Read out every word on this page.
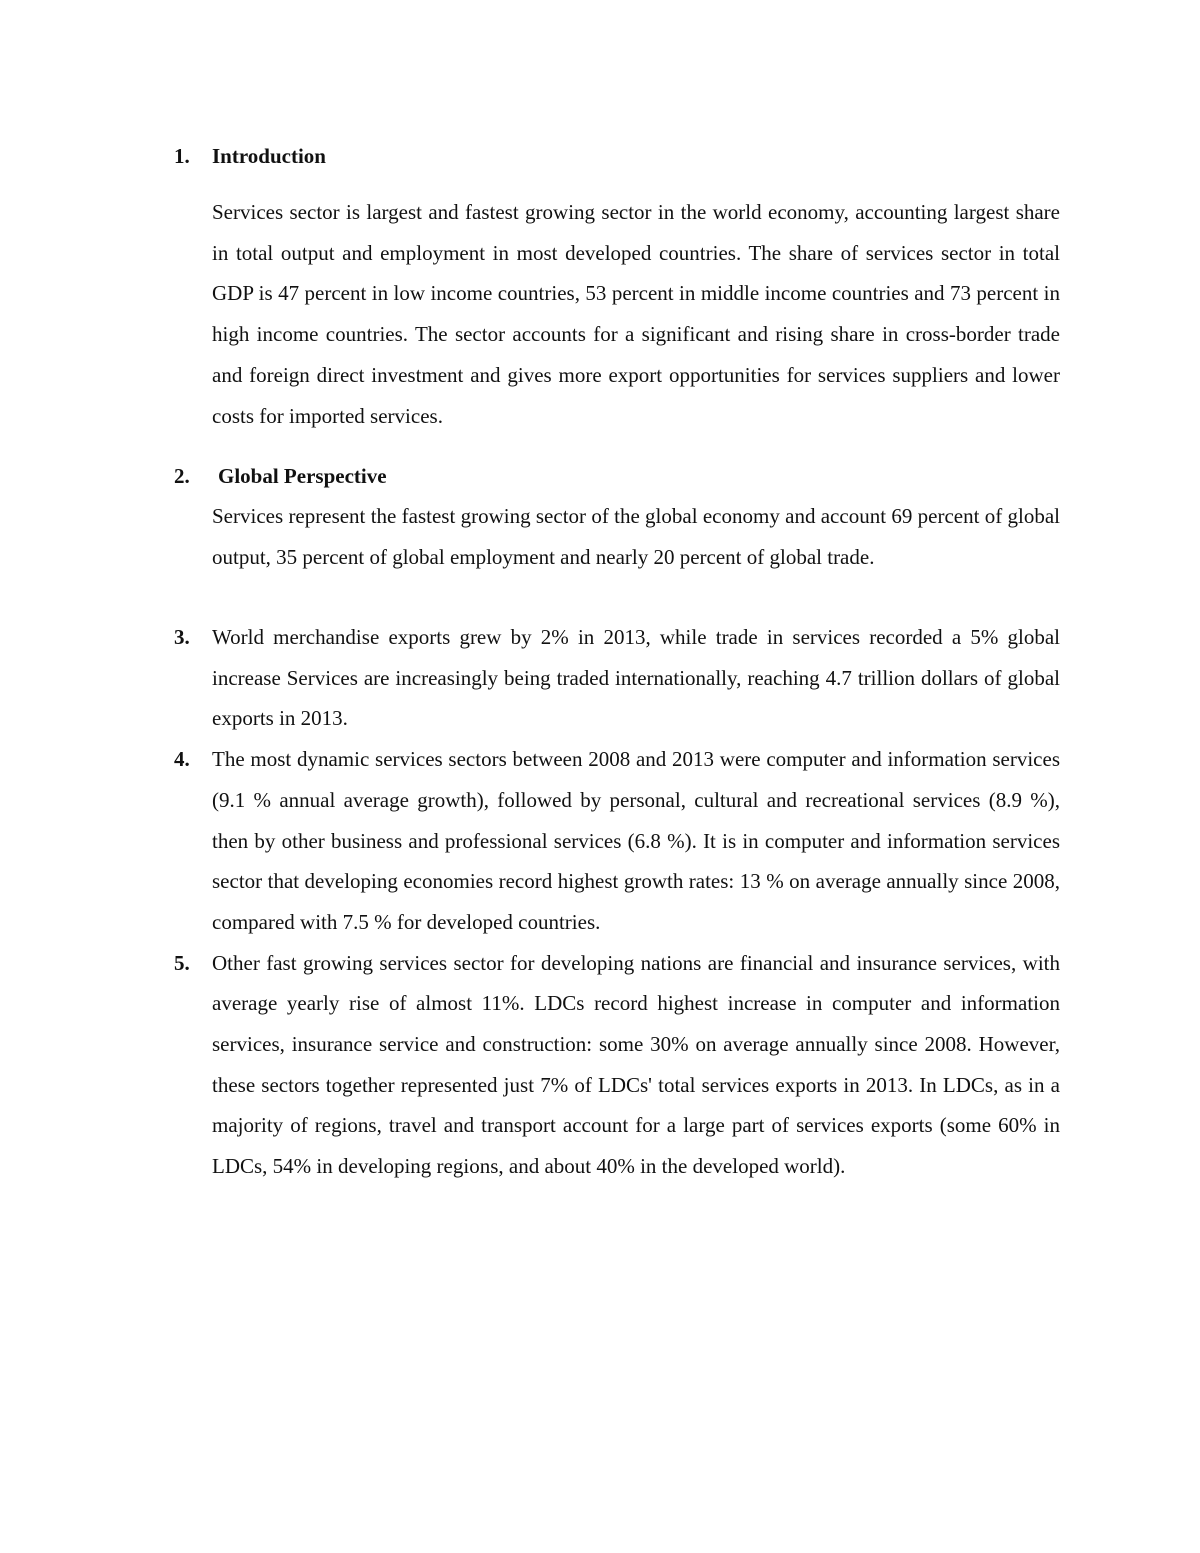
1.	Introduction
Services sector is largest and fastest growing sector in the world economy, accounting largest share in total output and employment in most developed countries. The share of services sector in total GDP is 47 percent in low income countries, 53 percent in middle income countries and 73 percent in high income countries. The sector accounts for a significant and rising share in cross-border trade and foreign direct investment and gives more export opportunities for services suppliers and lower costs for imported services.
2.	Global Perspective
Services represent the fastest growing sector of the global economy and account 69 percent of global output, 35 percent of global employment and nearly 20 percent of global trade.
3.	World merchandise exports grew by 2% in 2013, while trade in services recorded a 5% global increase Services are increasingly being traded internationally, reaching 4.7 trillion dollars of global exports in 2013.
4.	The most dynamic services sectors between 2008 and 2013 were computer and information services (9.1 % annual average growth), followed by personal, cultural and recreational services (8.9 %), then by other business and professional services (6.8 %). It is in computer and information services sector that developing economies record highest growth rates: 13 % on average annually since 2008, compared with 7.5 % for developed countries.
5.	Other fast growing services sector for developing nations are financial and insurance services, with average yearly rise of almost 11%. LDCs record highest increase in computer and information services, insurance service and construction: some 30% on average annually since 2008. However, these sectors together represented just 7% of LDCs' total services exports in 2013. In LDCs, as in a majority of regions, travel and transport account for a large part of services exports (some 60% in LDCs, 54% in developing regions, and about 40% in the developed world).
